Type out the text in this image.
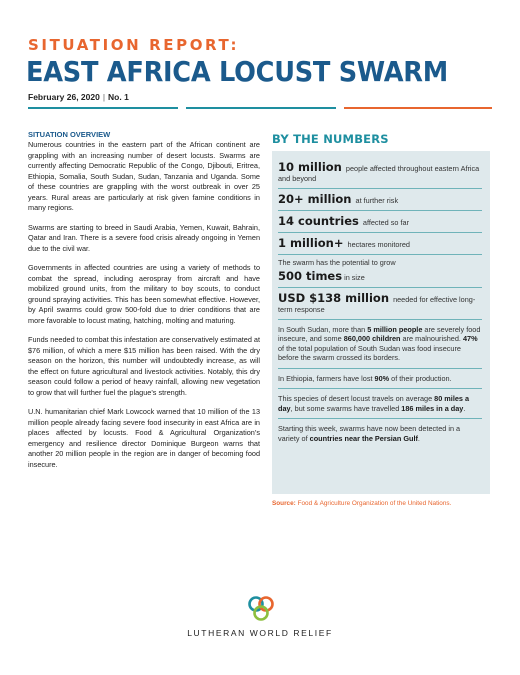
SITUATION REPORT:
EAST AFRICA LOCUST SWARM

February 26, 2020 | No. 1

SITUATION OVERVIEW

Numerous countries in the eastern part of the African continent are grappling with an increasing number of desert locusts. Swarms are currently affecting Democratic Republic of the Congo, Djibouti, Eritrea, Ethiopia, Somalia, South Sudan, Sudan, Tanzania and Uganda. Some of these countries are grappling with the worst outbreak in over 25 years. Rural areas are particularly at risk given famine conditions in many regions.

Swarms are starting to breed in Saudi Arabia, Yemen, Kuwait, Bahrain, Qatar and Iran. There is a severe food crisis already ongoing in Yemen due to the civil war.

Governments in affected countries are using a variety of methods to combat the spread, including aerospray from aircraft and have mobilized ground units, from the military to boy scouts, to conduct ground spraying activities. This has been somewhat effective. However, by April swarms could grow 500-fold due to drier conditions that are more favorable to locust mating, hatching, molting and maturing.

Funds needed to combat this infestation are conservatively estimated at $76 million, of which a mere $15 million has been raised. With the dry season on the horizon, this number will undoubtedly increase, as will the effect on future agricultural and livestock activities. Notably, this dry season could follow a period of heavy rainfall, allowing new vegetation to grow that will further fuel the plague’s strength.

U.N. humanitarian chief Mark Lowcock warned that 10 million of the 13 million people already facing severe food insecurity in east Africa are in places affected by locusts. Food & Agricultural Organization’s emergency and resilience director Dominique Burgeon warns that another 20 million people in the region are in danger of becoming food insecure.

BY THE NUMBERS
10 million people affected throughout eastern Africa and beyond
20+ million at further risk
14 countries affected so far
1 million+ hectares monitored
The swarm has the potential to grow
500 times in size
USD $138 million needed for effective long-term response
In South Sudan, more than 5 million people are severely food insecure, and some 860,000 children are malnourished. 47% of the total population of South Sudan was food insecure before the swarm crossed its borders.
In Ethiopia, farmers have lost 90% of their production.
This species of desert locust travels on average 80 miles a day, but some swarms have travelled 186 miles in a day.
Starting this week, swarms have now been detected in a variety of countries near the Persian Gulf.

Source: Food & Agriculture Organization of the United Nations.

LUTHERAN WORLD RELIEF
